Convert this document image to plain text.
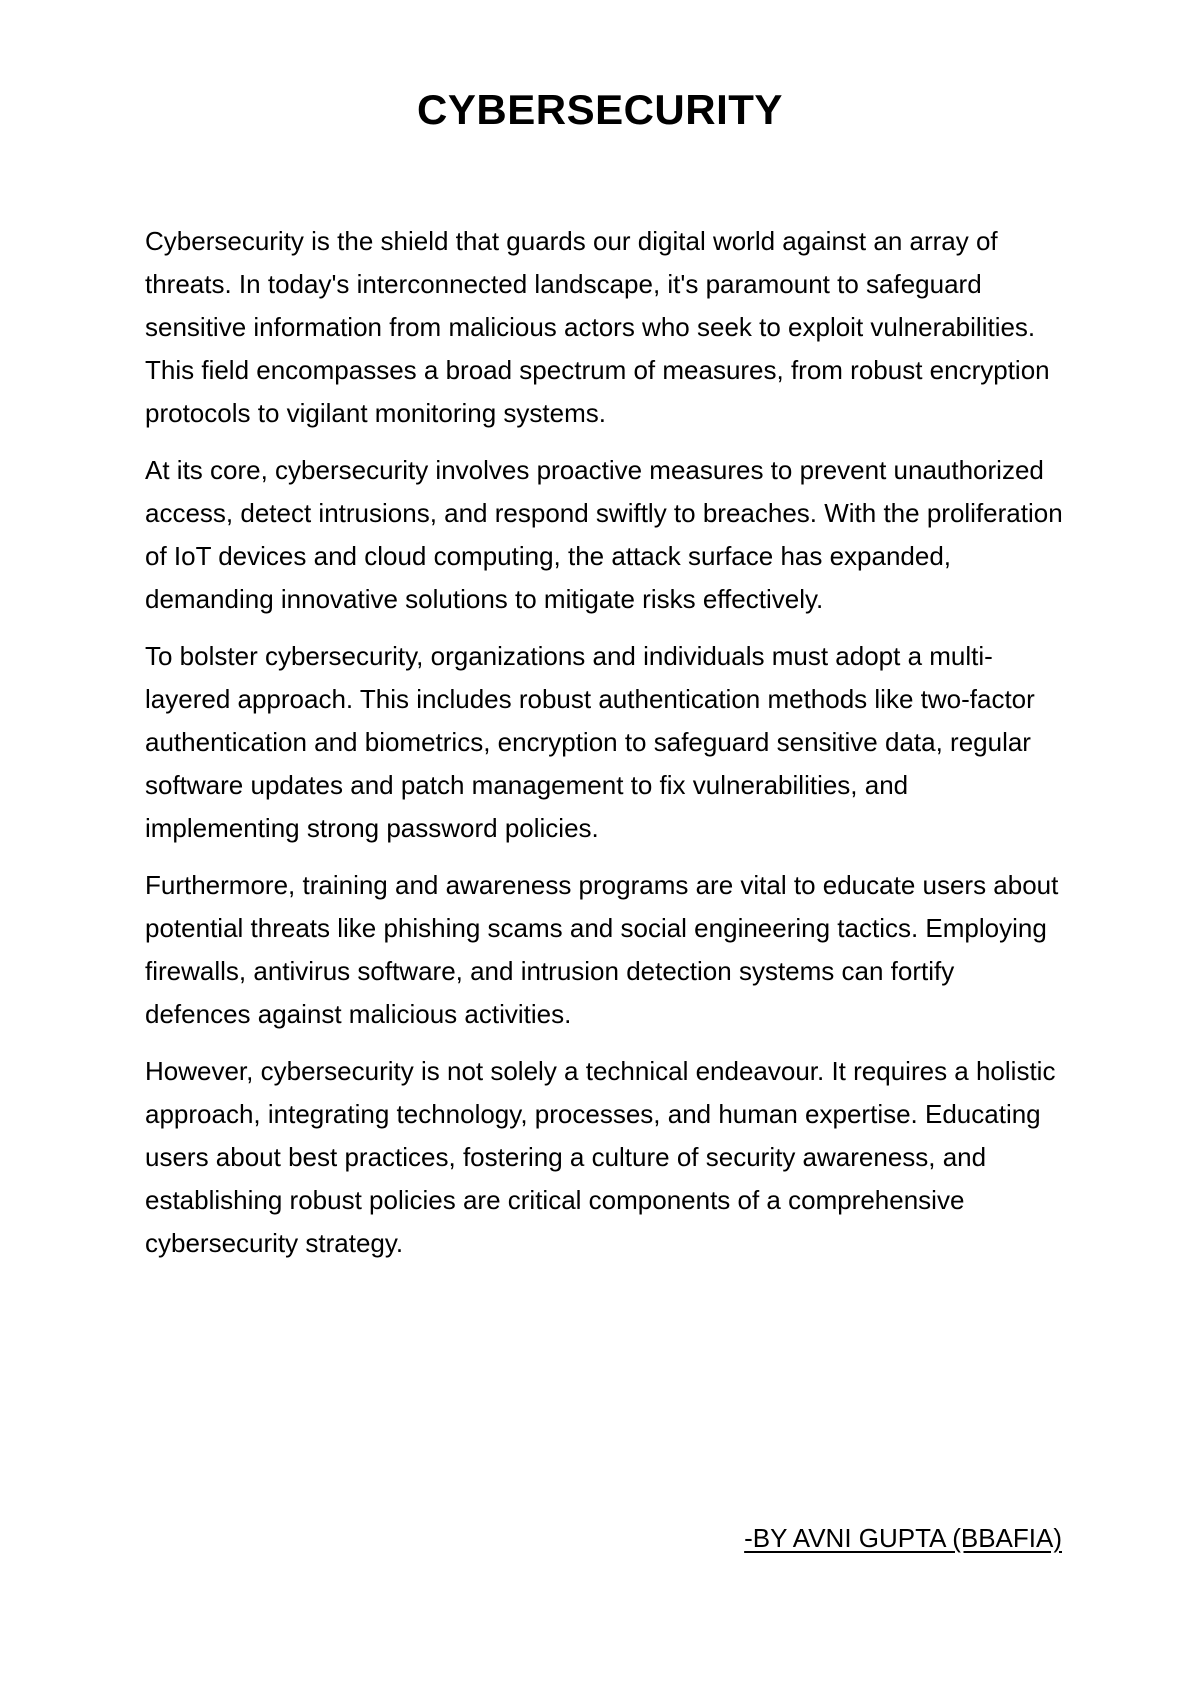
CYBERSECURITY

Cybersecurity is the shield that guards our digital world against an array of threats. In today's interconnected landscape, it's paramount to safeguard sensitive information from malicious actors who seek to exploit vulnerabilities. This field encompasses a broad spectrum of measures, from robust encryption protocols to vigilant monitoring systems.

At its core, cybersecurity involves proactive measures to prevent unauthorized access, detect intrusions, and respond swiftly to breaches. With the proliferation of IoT devices and cloud computing, the attack surface has expanded, demanding innovative solutions to mitigate risks effectively.

To bolster cybersecurity, organizations and individuals must adopt a multi-layered approach. This includes robust authentication methods like two-factor authentication and biometrics, encryption to safeguard sensitive data, regular software updates and patch management to fix vulnerabilities, and implementing strong password policies.

Furthermore, training and awareness programs are vital to educate users about potential threats like phishing scams and social engineering tactics. Employing firewalls, antivirus software, and intrusion detection systems can fortify defences against malicious activities.

However, cybersecurity is not solely a technical endeavour. It requires a holistic approach, integrating technology, processes, and human expertise. Educating users about best practices, fostering a culture of security awareness, and establishing robust policies are critical components of a comprehensive cybersecurity strategy.

-BY AVNI GUPTA (BBAFIA)
